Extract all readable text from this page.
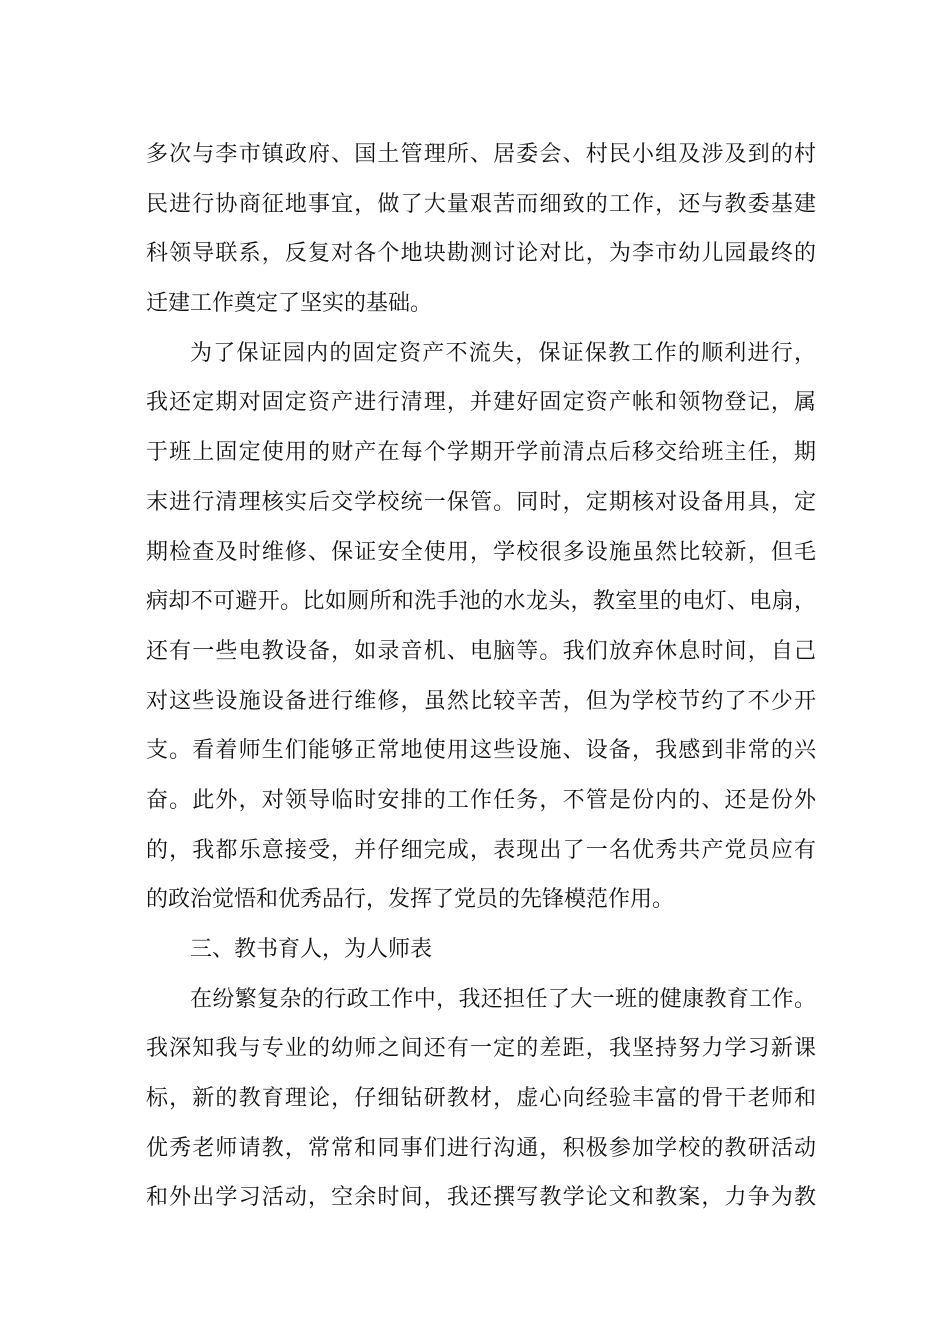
多次与李市镇政府、国土管理所、居委会、村民小组及涉及到的村
民进行协商征地事宜，做了大量艰苦而细致的工作，还与教委基建
科领导联系，反复对各个地块勘测讨论对比，为李市幼儿园最终的
迁建工作奠定了坚实的基础。
为了保证园内的固定资产不流失，保证保教工作的顺利进行，
我还定期对固定资产进行清理，并建好固定资产帐和领物登记，属
于班上固定使用的财产在每个学期开学前清点后移交给班主任，期
末进行清理核实后交学校统一保管。同时，定期核对设备用具，定
期检查及时维修、保证安全使用，学校很多设施虽然比较新，但毛
病却不可避开。比如厕所和洗手池的水龙头，教室里的电灯、电扇，
还有一些电教设备，如录音机、电脑等。我们放弃休息时间，自己
对这些设施设备进行维修，虽然比较辛苦，但为学校节约了不少开
支。看着师生们能够正常地使用这些设施、设备，我感到非常的兴
奋。此外，对领导临时安排的工作任务，不管是份内的、还是份外
的，我都乐意接受，并仔细完成，表现出了一名优秀共产党员应有
的政治觉悟和优秀品行，发挥了党员的先锋模范作用。
三、教书育人，为人师表
在纷繁复杂的行政工作中，我还担任了大一班的健康教育工作。
我深知我与专业的幼师之间还有一定的差距，我坚持努力学习新课
标，新的教育理论，仔细钻研教材，虚心向经验丰富的骨干老师和
优秀老师请教，常常和同事们进行沟通，积极参加学校的教研活动
和外出学习活动，空余时间，我还撰写教学论文和教案，力争为教
